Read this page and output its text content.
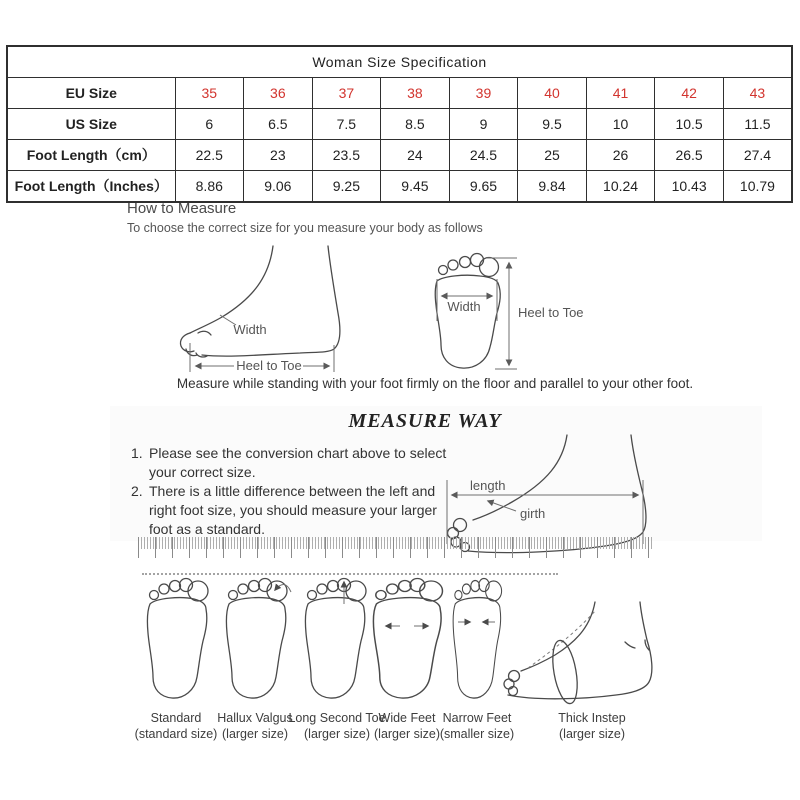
Woman Size Specification									
EU Size	35	36	37	38	39	40	41	42	43
US Size	6	6.5	7.5	8.5	9	9.5	10	10.5	11.5
Foot Length（cm）	22.5	23	23.5	24	24.5	25	26	26.5	27.4
Foot Length（Inches）	8.86	9.06	9.25	9.45	9.65	9.84	10.24	10.43	10.79
How to Measure
To choose the correct size for you measure your body as follows
Width
Heel to Toe
Width	Heel to Toe
Measure while standing with your foot firmly on the floor and parallel to your other foot.
MEASURE WAY
1. Please see the conversion chart above to select your correct size.
2. There is a little difference between the left and right foot size, you should measure your larger foot as a standard.
length
girth
Standard
(standard size)
Hallux Valgus
(larger size)
Long Second Toe
(larger size)
Wide Feet
(larger size)
Narrow Feet
(smaller size)
Thick Instep
(larger size)
